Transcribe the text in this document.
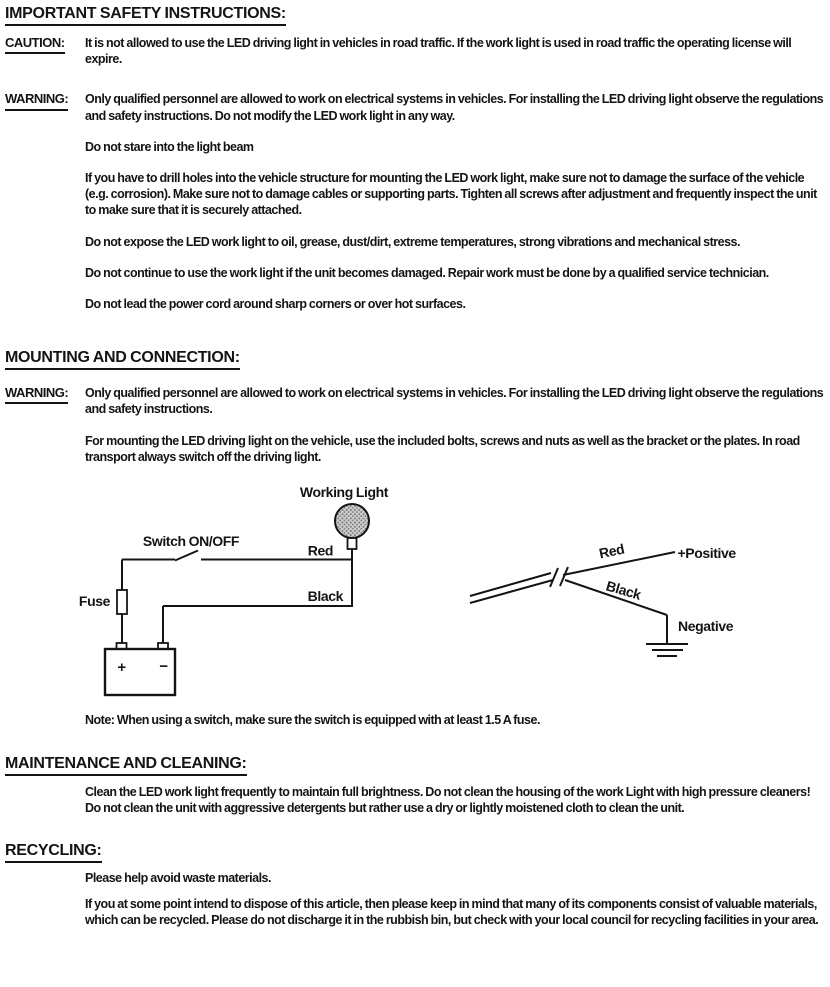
IMPORTANT SAFETY INSTRUCTIONS:
CAUTION:	It is not allowed to use the LED driving light in vehicles in road traffic. If the work light is used in road traffic the operating license will expire.

WARNING:	Only qualified personnel are allowed to work on electrical systems in vehicles. For installing the LED driving light observe the regulations and safety instructions. Do not modify the LED work light in any way.

Do not stare into the light beam

If you have to drill holes into the vehicle structure for mounting the LED work light, make sure not to damage the surface of the vehicle (e.g. corrosion). Make sure not to damage cables or supporting parts. Tighten all screws after adjustment and frequently inspect the unit to make sure that it is securely attached.

Do not expose the LED work light to oil, grease, dust/dirt, extreme temperatures, strong vibrations and mechanical stress.

Do not continue to use the work light if the unit becomes damaged. Repair work must be done by a qualified service technician.

Do not lead the power cord around sharp corners or over hot surfaces.

MOUNTING AND CONNECTION:
WARNING:	Only qualified personnel are allowed to work on electrical systems in vehicles. For installing the LED driving light observe the regulations and safety instructions.

For mounting the LED driving light on the vehicle, use the included bolts, screws and nuts as well as the bracket or the plates. In road transport always switch off the driving light.

Working Light
Switch ON/OFF
Red
Black
Fuse
+ −
Red	+Positive
Black
Negative

Note: When using a switch, make sure the switch is equipped with at least 1.5 A fuse.

MAINTENANCE AND CLEANING:

Clean the LED work light frequently to maintain full brightness. Do not clean the housing of the work Light with high pressure cleaners! Do not clean the unit with aggressive detergents but rather use a dry or lightly moistened cloth to clean the unit.

RECYCLING:

Please help avoid waste materials.

If you at some point intend to dispose of this article, then please keep in mind that many of its components consist of valuable materials, which can be recycled. Please do not discharge it in the rubbish bin, but check with your local council for recycling facilities in your area.
